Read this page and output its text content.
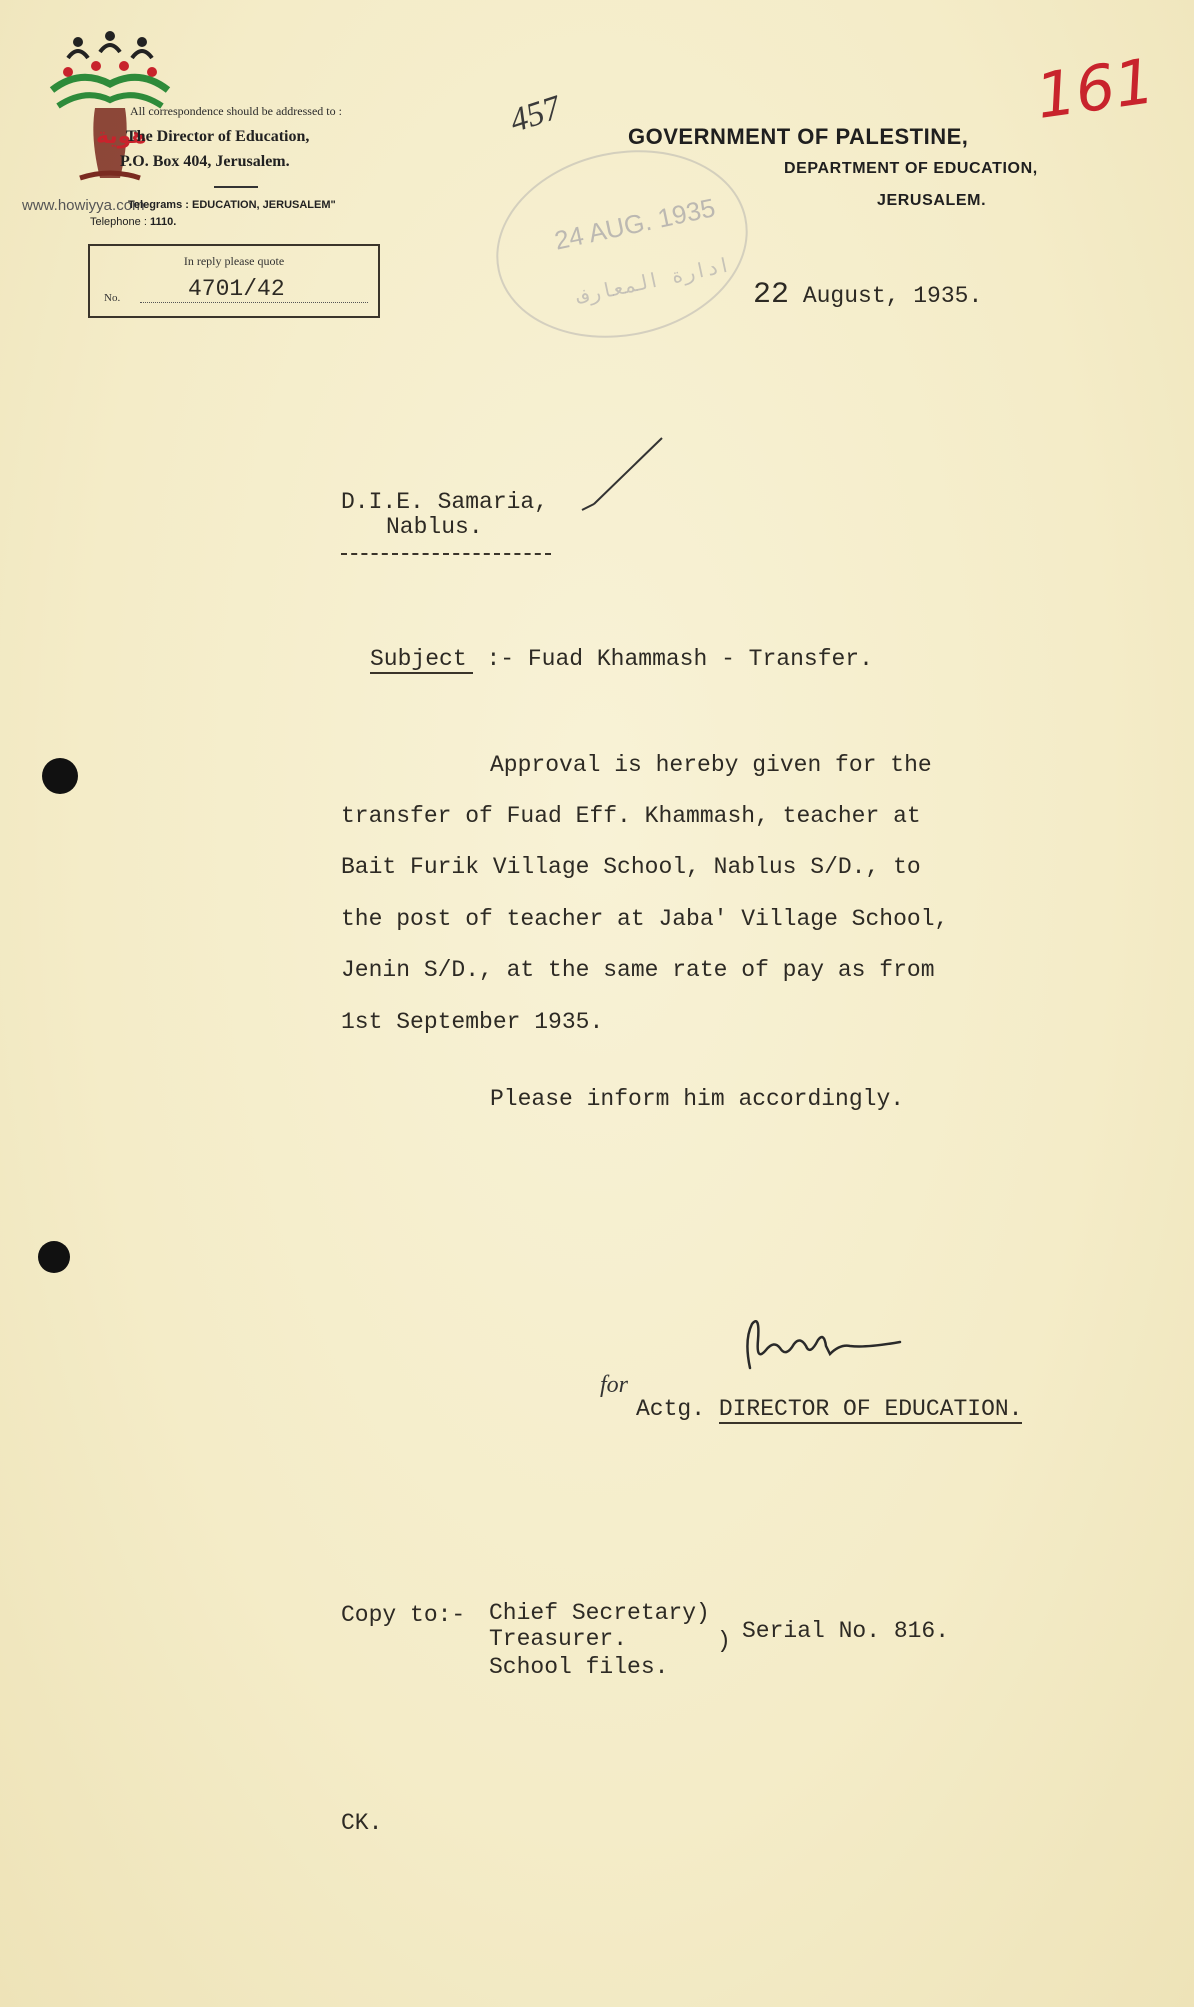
هوية
www.howiyya.com
All correspondence should be addressed to :
The Director of Education,
P.O. Box 404, Jerusalem.
Telegrams : EDUCATION, JERUSALEM"
Telephone : 1110.
In reply please quote
No.	4701/42
457	GOVERNMENT OF PALESTINE,
DEPARTMENT OF EDUCATION,
JERUSALEM.
161
24 AUG. 1935
ادارة المعارف 22 August, 1935.
D.I.E. Samaria,
Nablus.
Subject :- Fuad Khammash - Transfer.
Approval is hereby given for the
transfer of Fuad Eff. Khammash, teacher at
Bait Furik Village School, Nablus S/D., to
the post of teacher at Jaba' Village School,
Jenin S/D., at the same rate of pay as from
1st September 1935.
Please inform him accordingly.
for
Actg. DIRECTOR OF EDUCATION.
Copy to:- Chief Secretary)
Treasurer.	)
School files.
Serial No. 816.
CK.
